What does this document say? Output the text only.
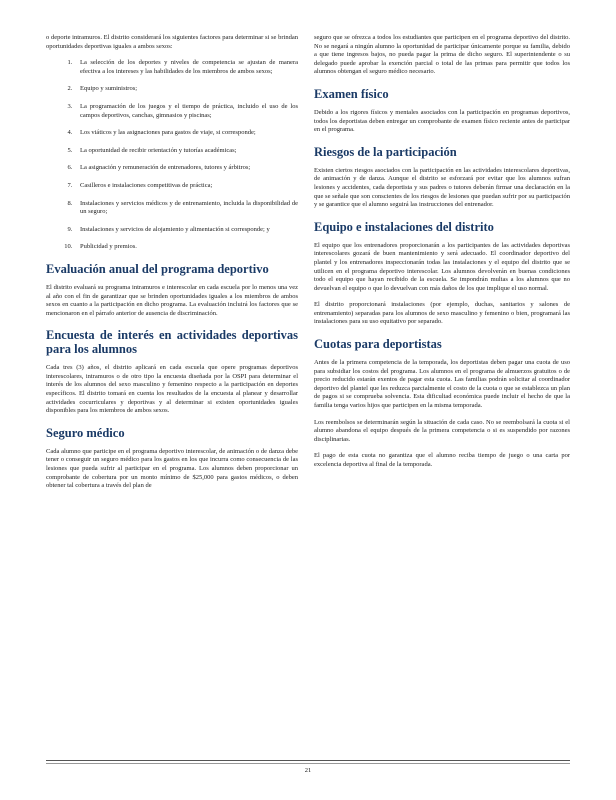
o deporte intramuros. El distrito considerará los siguientes factores para determinar si se brindan oportunidades deportivas iguales a ambos sexos:

1. La selección de los deportes y niveles de competencia se ajustan de manera efectiva a los intereses y las habilidades de los miembros de ambos sexos;
2. Equipo y suministros;
3. La programación de los juegos y el tiempo de práctica, incluido el uso de los campos deportivos, canchas, gimnasios y piscinas;
4. Los viáticos y las asignaciones para gastos de viaje, si corresponde;
5. La oportunidad de recibir orientación y tutorías académicas;
6. La asignación y remuneración de entrenadores, tutores y árbitros;
7. Casilleros e instalaciones competitivas de práctica;
8. Instalaciones y servicios médicos y de entrenamiento, incluida la disponibilidad de un seguro;
9. Instalaciones y servicios de alojamiento y alimentación si corresponde; y
10. Publicidad y premios.
Evaluación anual del programa deportivo

El distrito evaluará su programa intramuros e interescolar en cada escuela por lo menos una vez al año con el fin de garantizar que se brinden oportunidades iguales a los miembros de ambos sexos en cuanto a la participación en dicho programa. La evaluación incluirá los factores que se mencionaron en el párrafo anterior de ausencia de discriminación.

Encuesta de interés en actividades deportivas para los alumnos

Cada tres (3) años, el distrito aplicará en cada escuela que opere programas deportivos interescolares, intramuros o de otro tipo la encuesta diseñada por la OSPI para determinar el interés de los alumnos del sexo masculino y femenino respecto a la participación en deportes específicos. El distrito tomará en cuenta los resultados de la encuesta al planear y desarrollar actividades cocurriculares y deportivas y al determinar si existen oportunidades iguales disponibles para los miembros de ambos sexos.

Seguro médico

Cada alumno que participe en el programa deportivo interescolar, de animación o de danza debe tener o conseguir un seguro médico para los gastos en los que incurra como consecuencia de las lesiones que pueda sufrir al participar en el programa. Los alumnos deben proporcionar un comprobante de cobertura por un monto mínimo de $25,000 para gastos médicos, o deben obtener tal cobertura a través del plan de

seguro que se ofrezca a todos los estudiantes que participen en el programa deportivo del distrito. No se negará a ningún alumno la oportunidad de participar únicamente porque su familia, debido a que tiene ingresos bajos, no pueda pagar la prima de dicho seguro. El superintendente o su delegado puede aprobar la exención parcial o total de las primas para permitir que todos los alumnos obtengan el seguro médico necesario.

Examen físico

Debido a los rigores físicos y mentales asociados con la participación en programas deportivos, todos los deportistas deben entregar un comprobante de examen físico reciente antes de participar en el programa.

Riesgos de la participación

Existen ciertos riesgos asociados con la participación en las actividades interescolares deportivas, de animación y de danza. Aunque el distrito se esforzará por evitar que los alumnos sufran lesiones y accidentes, cada deportista y sus padres o tutores deberán firmar una declaración en la que se señale que son conscientes de los riesgos de lesiones que puedan sufrir por su participación y se garantice que el alumno seguirá las instrucciones del entrenador.

Equipo e instalaciones del distrito

El equipo que los entrenadores proporcionarán a los participantes de las actividades deportivas interescolares gozará de buen mantenimiento y será adecuado. El coordinador deportivo del plantel y los entrenadores inspeccionarán todas las instalaciones y el equipo del distrito que se utilicen en el programa deportivo interescolar. Los alumnos devolverán en buenas condiciones todo el equipo que hayan recibido de la escuela. Se impondrán multas a los alumnos que no devuelvan el equipo o que lo devuelvan con más daños de los que implique el uso normal.

El distrito proporcionará instalaciones (por ejemplo, duchas, sanitarios y salones de entrenamiento) separadas para los alumnos de sexo masculino y femenino o bien, programará las instalaciones para su uso equitativo por separado.

Cuotas para deportistas

Antes de la primera competencia de la temporada, los deportistas deben pagar una cuota de uso para subsidiar los costos del programa. Los alumnos en el programa de almuerzos gratuitos o de precio reducido estarán exentos de pagar esta cuota. Las familias podrán solicitar al coordinador deportivo del plantel que les reduzca parcialmente el costo de la cuota o que se establezca un plan de pagos si se comprueba solvencia. Esta dificultad económica puede incluir el hecho de que la familia tenga varios hijos que participen en la misma temporada.

Los reembolsos se determinarán según la situación de cada caso. No se reembolsará la cuota si el alumno abandona el equipo después de la primera competencia o si es suspendido por razones disciplinarias.

El pago de esta cuota no garantiza que el alumno reciba tiempo de juego o una carta por excelencia deportiva al final de la temporada.

21
